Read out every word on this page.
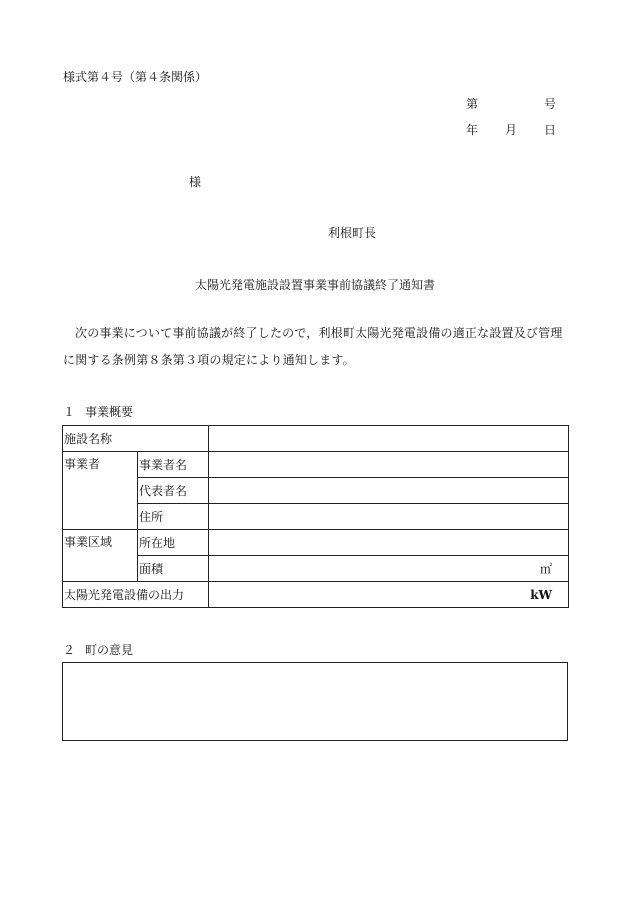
様式第４号（第４条関係）
第	号
年 月 日
様
利根町長
太陽光発電施設設置事業事前協議終了通知書

次の事業について事前協議が終了したので，利根町太陽光発電設備の適正な設置及び管理に関する条例第８条第３項の規定により通知します。

１ 事業概要
施設名称		
事業者	事業者名	
	代表者名	
	住所	
事業区域	所在地	
	面積	㎡
太陽光発電設備の出力		kW
２ 町の意見
